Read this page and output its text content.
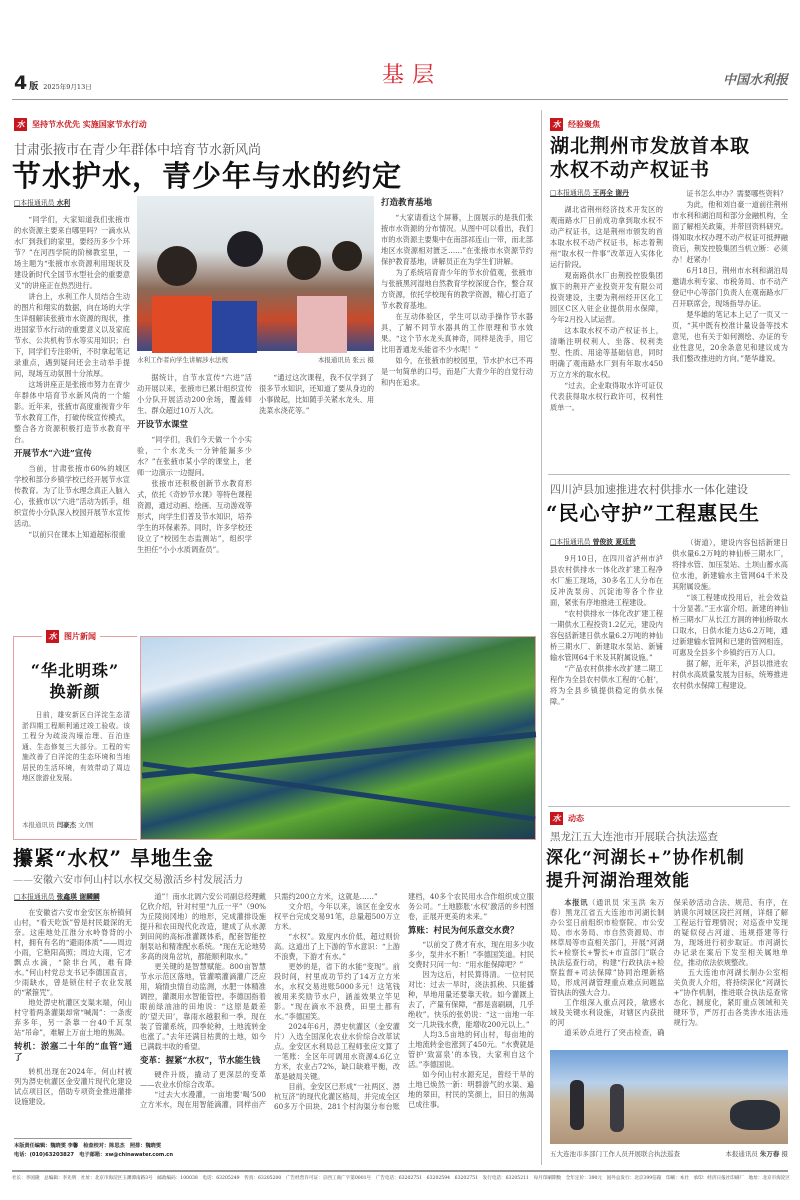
4 版 2025年9月13日	基层	中国水利报
水 坚持节水优先 实施国家节水行动
甘肃张掖市在青少年群体中培育节水新风尚
节水护水，青少年与水的约定
□本报通讯员 水利

“同学们，大家知道我们张掖市的水资源主要来自哪里吗？一滴水从水厂到我们的家里，要经历多少个环节？”在河西学院的阶梯教室里，一场主题为“张掖市水资源利用现状及建设新时代全国节水型社会的重要意义”的讲座正在热烈进行。

讲台上，水利工作人员结合生动的图片和翔实的数据，向在场的大学生详细解读张掖市水资源的现状，推进国家节水行动的重要意义以及家庭节水、公共机构节水等实用知识；台下，同学们专注聆听，不时拿起笔记录重点，遇到疑问还会主动举手提问，现场互动氛围十分浓厚。

这场讲座正是张掖市努力在青少年群体中培育节水新风尚的一个缩影。近年来，张掖市高度重视青少年节水教育工作，打破传统宣传模式，整合各方资源积极打造节水教育平台。

开展节水“六进”宣传

当前，甘肃张掖市60%的城区学校和部分乡镇学校已经开展节水宣传教育。为了让节水理念真正入脑入心，张掖市以“六进”活动为抓手，组织宣传小分队深入校园开展节水宣传活动。

“以前只在课本上知道超标很重

水利工作者向学生讲解涉水法规	本报通讯员 张云 摄

据统计，自节水宣传“六进”活动开展以来，张掖市已累计组织宣传小分队开展活动200余场，覆盖师生、群众超过10万人次。

开设节水课堂

“同学们，我们今天做一个小实验，一个水龙头一分钟能漏多少水？”在张掖市某小学的课堂上，老师一边演示一边提问。

张掖市还积极创新节水教育形式，依托《奇妙节水课》等特色课程资源，通过动画、绘画、互动游戏等形式，向学生们普及节水知识，培养学生的环保素养。同时，许多学校还设立了“校园生态监测站”，组织学生担任“小小水质调查员”。

“通过这次课程，我不仅学到了很多节水知识，还知道了要从身边的小事做起，比如随手关紧水龙头、用洗菜水浇花等。”

打造教育基地

“大家请看这个屏幕，上面展示的是我们张掖市水资源的分布情况。从图中可以看出，我们市的水资源主要集中在南部祁连山一带，而北部地区水资源相对匮乏……”在张掖市水资源节约保护教育基地，讲解员正在为学生们讲解。

为了系统培育青少年的节水价值观，张掖市与张掖黑河湿地自然教育学校深度合作，整合双方资源，依托学校现有的教学资源，精心打造了节水教育基地。

在互动体验区，学生可以动手操作节水器具，了解不同节水器具的工作原理和节水效果。“这个节水龙头真神奇，同样是洗手，用它比用普通龙头能省不少水呢！”

如今，在张掖市的校园里，节水护水已不再是一句简单的口号，而是广大青少年的自觉行动和内在追求。

水 经验聚焦
湖北荆州市发放首本取水权不动产权证书
□本报通讯员 王再全 谢丹

湖北省荆州经济技术开发区的观南路水厂日前成功拿到取水权不动产权证书，这是荆州市颁发的首本取水权不动产权证书，标志着荆州“取水权一件事”改革迈入实体化运行阶段。

观南路供水厂由荆投控股集团旗下的荆开产业投资开发有限公司投资建设，主要为荆州经开区化工园区C区入驻企业提供用水保障，今年2月投入试运营。

这本取水权不动产权证书上，清晰注明权利人、坐落、权利类型、性质、用途等基础信息，同时明确了观南路水厂到有年取水450万立方米的取水权。

“过去，企业取得取水许可证仅代表获得取水权行政许可，权利性质单一。

证书怎么申办？需要哪些资料？

为此，他和刘自豪一道前往荆州市水利和湖泊局和部分金融机构，全面了解相关政策，并带回资料研究。得知取水权办理不动产权证可抵押融资后，荆发控股集团当机立断：必须办！赶紧办！

6月18日，荆州市水利和湖泊局邀请水利专家、市税务局、市不动产登记中心等部门负责人在观南路水厂召开联席会，现场指导办证。

楚华雄的笔记本上记了一页又一页，“其中既有校准计量设备等技术意见，也有关于如何测绘、办证的专业性意见，20余条意见和建议成为我们整改推进的方向。”楚华雄说。

四川泸县加速推进农村供排水一体化建设
“民心守护”工程惠民生
□本报通讯员 曾俊波 夏廷贵

9月10日，在四川省泸州市泸县农村供排水一体化改扩建工程净水厂施工现场，30多名工人分布在反冲洗泵房、沉淀池等各个作业面，紧张有序地推进工程建设。

“农村供排水一体化改扩建工程一期供水工程投资1.2亿元，建设内容包括新建日供水量6.2万吨的神仙桥三期水厂、新建取水泵站、新铺输水管网64千米及其附属设施。”

“产品农村供排水改扩建二期工程作为全县农村供水工程的‘心脏’，将为全县乡镇提供稳定的供水保障。”

（街道），建设内容包括新建日供水量6.2万吨的神仙桥三期水厂，将排水管、加压泵站、土坝山蓄水高位水池，新建输水主管网64千米及其附属设施。

“该工程建成投用后，社会效益十分显著。”王水富介绍。新建的神仙桥三期水厂从长江方洞的神仙桥取水口取水，日供水能力达6.2万吨，通过新建输水管网和已建的管网相连，可惠及全县多个乡镇约百万人口。

据了解，近年来，泸县以推进农村供水高质量发展为目标，统筹推进农村供水保障工程建设。

水 图片新闻
“华北明珠”
换新颜

日前，雄安新区白洋淀生态清淤四期工程顺利通过竣工验收。该工程分为疏浚沟壕治理、百泊连通、生态修复三大部分。工程的实施改善了白洋淀的生态环境和当地居民的生活环境，有效带动了周边地区旅游业发展。

本报通讯员 闫豪杰 文/图
攥紧“水权” 旱地生金
——安徽六安市何山村以水权交易激活乡村发展活力
□本报通讯员 张鑫瑛 谢麟麟

在安徽省六安市金安区东桥镇何山村，“看天吃饭”曾是村民最深的无奈。这座地处江淮分水岭脊背的小村，拥有有名的“避雨体质”——周边小雨，它艳阳高照；周边大雨，它才飘点水滴，“除非台风，难有降水。”何山村党总支书记李德国直言，少雨缺水，曾是锁住村子农业发展的“紧箍咒”。

地处淠史杭灌区支渠末端，何山村守着两条灌渠却常“喊渴”：一条废弃多年，另一条靠一台40千瓦泵站“吊命”，难解上万亩土地的焦渴。

转机：淤塞二十年的“血管”通了

转机出现在2024年。何山村被列为淠史杭灌区金安灌片现代化建设试点项目区，借助专项资金推进灌排设施建设。

道”！南水北调六安公司副总经理戴亿欣介绍，针对村里“九丘一平”（90%为丘陵岗冈地）的地形，完成灌排设施提升和农田现代化改造，建成了从水源到田间的高标准灌溉体系，配套智能控制泵站和精准配水系统。“现在无论地势多高的岗角岔坑，都能顺利取水。”

更关键的是智慧赋能。800亩智慧节水示范区落地，管灌喷灌滴灌广泛应用，墒情虫情自动监测，水肥一体精准调控，灌溉用水智能管控。李德国指着眼前绿油油的田地说：“这原是最差的‘望天田’，靠雨水越狠和一季。现在装了管灌系统，四季轮种，土地流转金也涨了。”去年还满目枯黄的土地，如今已满载丰收的希望。

变革：握紧“水权”，节水能生钱

硬件升级，撬动了更深层的变革——农业水价综合改革。

“过去大水漫灌，一亩地要‘喝’500立方米水，现在用智能滴灌，同样亩产只需约200立方米，这就是……”

文介绍，今年以来，该区在金安水权平台完成交易91笔，总量超500万立方米。

“水权”。致度内水价低，超过则价高。这道出了上下游的节水意识：“上游不浪费，下游才有水。”

更妙的是，省下的水能“变现”。前段时间，村里成功节约了14万立方米水，水权交易进账5000多元！这笔钱被用来奖励节水户，涵盖效果立竿见影。“现在滴水不浪费，田里土都有水。”李德国笑。

2024年6月，淠史杭灌区（金安灌片）入选全国深化农业水价综合改革试点。金安区水利局总工程师张应文算了一笔账：全区年可调用水资源4.6亿立方米，农业占72%，缺口缺难平衡，改革是破局关键。

目前，金安区已形成“一社两区、淠杭互济”的现代化灌区格局，并完成全区60多万个田块、281个村沟渠分布台账建档，40多个农民用水合作组织成立服务公司。“土地膨胀‘水权’激活的乡村图卷，正展开更美的未来。”

算账：村民为何乐意交水费？

“以前交了费才有水，现在用多少收多少，泵井水不断！”李德国笑道。村民交费时只问一句：“用水能保障吧？”

因为这后，村民算得清。一位村民对比：过去一旱时，浇法抓秧、只能播种，旱地用量还要靠天收。如今灌溉上去了，产量有保障，“都是喜刷刷，几乎绝收”。快乐的张奶说：“这一亩地一年交一几块钱水费，能增收200元以上。”

人均3.5亩地的何山村，每亩地的土地流转金也涨到了450元。“水费就是管护‘致富泉’的本钱，大家利自这个活。”李德国说。

如今何山村水源充足，曾经干旱的土地已焕然一新：明群游气的水渠、遍地的翠田，村民的笑颜上，旧日的焦渴已成往事。

本版责任编辑：魏晓雯 李馨　检查校对：陈思杰　照排：魏晓雯
电话：(010)63203827　电子邮箱：xw@chinawater.com.cn
水 动态
黑龙江五大连池市开展联合执法巡查
深化“河湖长+”协作机制
提升河湖治理效能

本报讯（通讯员 宋玉洪 朱万春）黑龙江省五大连池市河湖长制办公室日前组织市检察院、市公安局、市水务局、市自然资源局、市林草局等市直相关部门，开展“河湖长+检察长+警长+市直部门”联合执法巡查行动，构建“行政执法+检察监督+司法保障”协同治理新格局，形成河湖管理重点难点问题监管执法的强大合力。

工作组深入重点河段，敏感水域及关键水利设施，对辖区内获批的河

道采砂点进行了突击检查，确保采砂活动合法、规范、有序，在讷谟尔河城区段拦河闸，详细了解工程运行管理情况；对巡查中发现的疑似侵占河道、违规搭建等行为，现场进行初步取证。市河湖长办记录在案后下发至相关属地单位，推动依法依规整改。

五大连池市河湖长制办公室相关负责人介绍，将持续深化“河湖长+”协作机制，推进联合执法巡查常态化、制度化，紧盯重点领域和关键环节，严厉打击各类涉水违法违规行为。

五大连池市多部门工作人员开展联合执法巡查	本报通讯员 朱万春 摄
社长：李国隆　总编辑：李先明　社址：北京市海淀区玉渊潭南路3号　邮政编码：100038　电话：63205249　传真：63205200　广告经营许可证：京西工商广字第0001号　广告电话：63202751　63202594　63202751　发行电话：63205211　每月印刷期数　全年定价：390元　国外总发行：北京399信箱　印刷：本社　承印：经济日报社印刷厂　地址：北京市海淀区
